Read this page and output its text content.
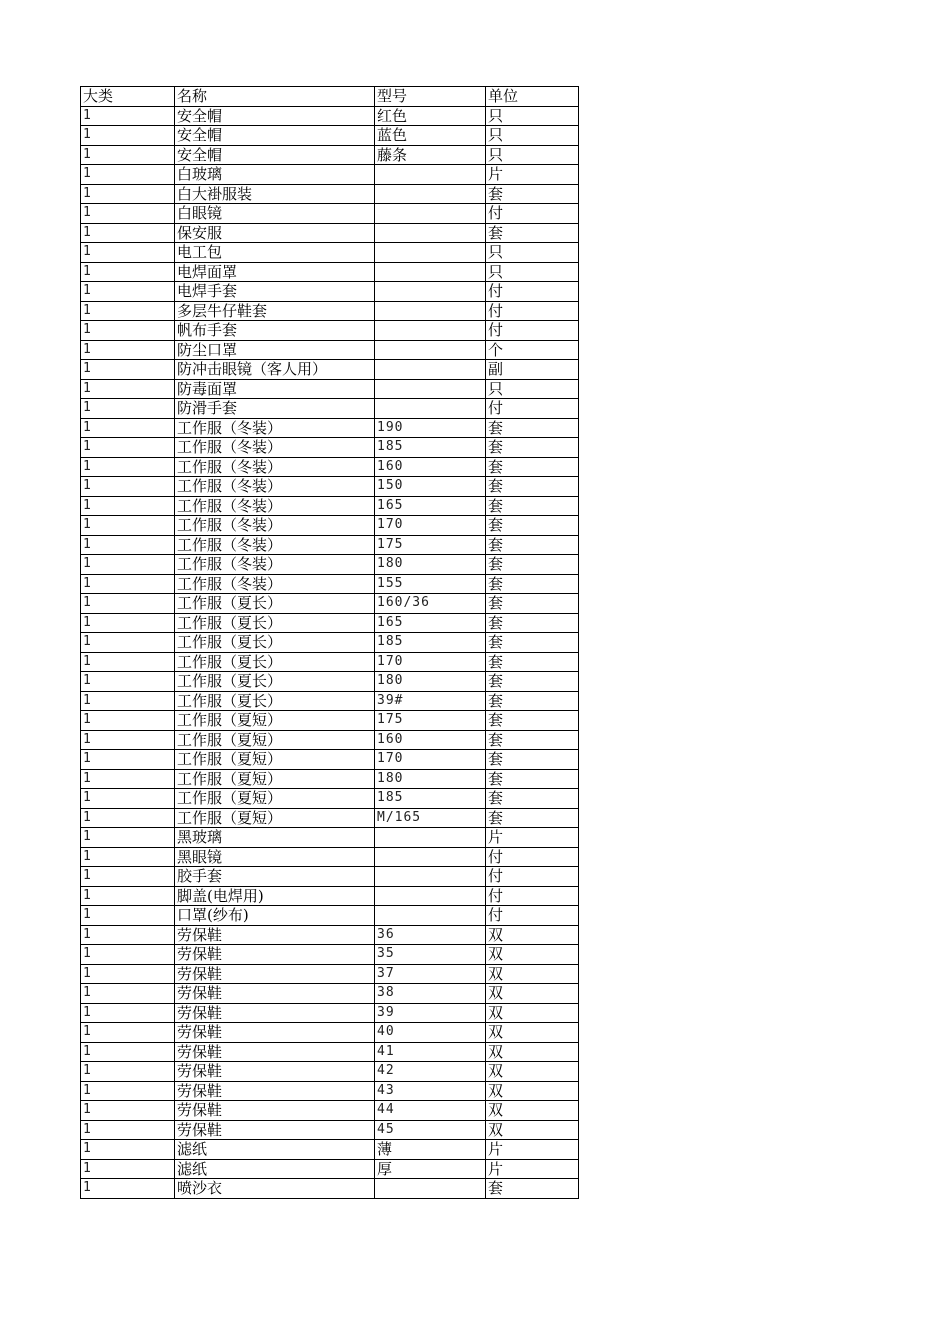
大类	名称	型号	单位
1	安全帽	红色	只
1	安全帽	蓝色	只
1	安全帽	藤条	只
1	白玻璃		片
1	白大褂服装		套
1	白眼镜		付
1	保安服		套
1	电工包		只
1	电焊面罩		只
1	电焊手套		付
1	多层牛仔鞋套		付
1	帆布手套		付
1	防尘口罩		个
1	防冲击眼镜（客人用）		副
1	防毒面罩		只
1	防滑手套		付
1	工作服（冬装）	190	套
1	工作服（冬装）	185	套
1	工作服（冬装）	160	套
1	工作服（冬装）	150	套
1	工作服（冬装）	165	套
1	工作服（冬装）	170	套
1	工作服（冬装）	175	套
1	工作服（冬装）	180	套
1	工作服（冬装）	155	套
1	工作服（夏长）	160/36	套
1	工作服（夏长）	165	套
1	工作服（夏长）	185	套
1	工作服（夏长）	170	套
1	工作服（夏长）	180	套
1	工作服（夏长）	39#	套
1	工作服（夏短）	175	套
1	工作服（夏短）	160	套
1	工作服（夏短）	170	套
1	工作服（夏短）	180	套
1	工作服（夏短）	185	套
1	工作服（夏短）	M/165	套
1	黑玻璃		片
1	黑眼镜		付
1	胶手套		付
1	脚盖(电焊用)		付
1	口罩(纱布)		付
1	劳保鞋	36	双
1	劳保鞋	35	双
1	劳保鞋	37	双
1	劳保鞋	38	双
1	劳保鞋	39	双
1	劳保鞋	40	双
1	劳保鞋	41	双
1	劳保鞋	42	双
1	劳保鞋	43	双
1	劳保鞋	44	双
1	劳保鞋	45	双
1	滤纸	薄	片
1	滤纸	厚	片
1	喷沙衣		套
